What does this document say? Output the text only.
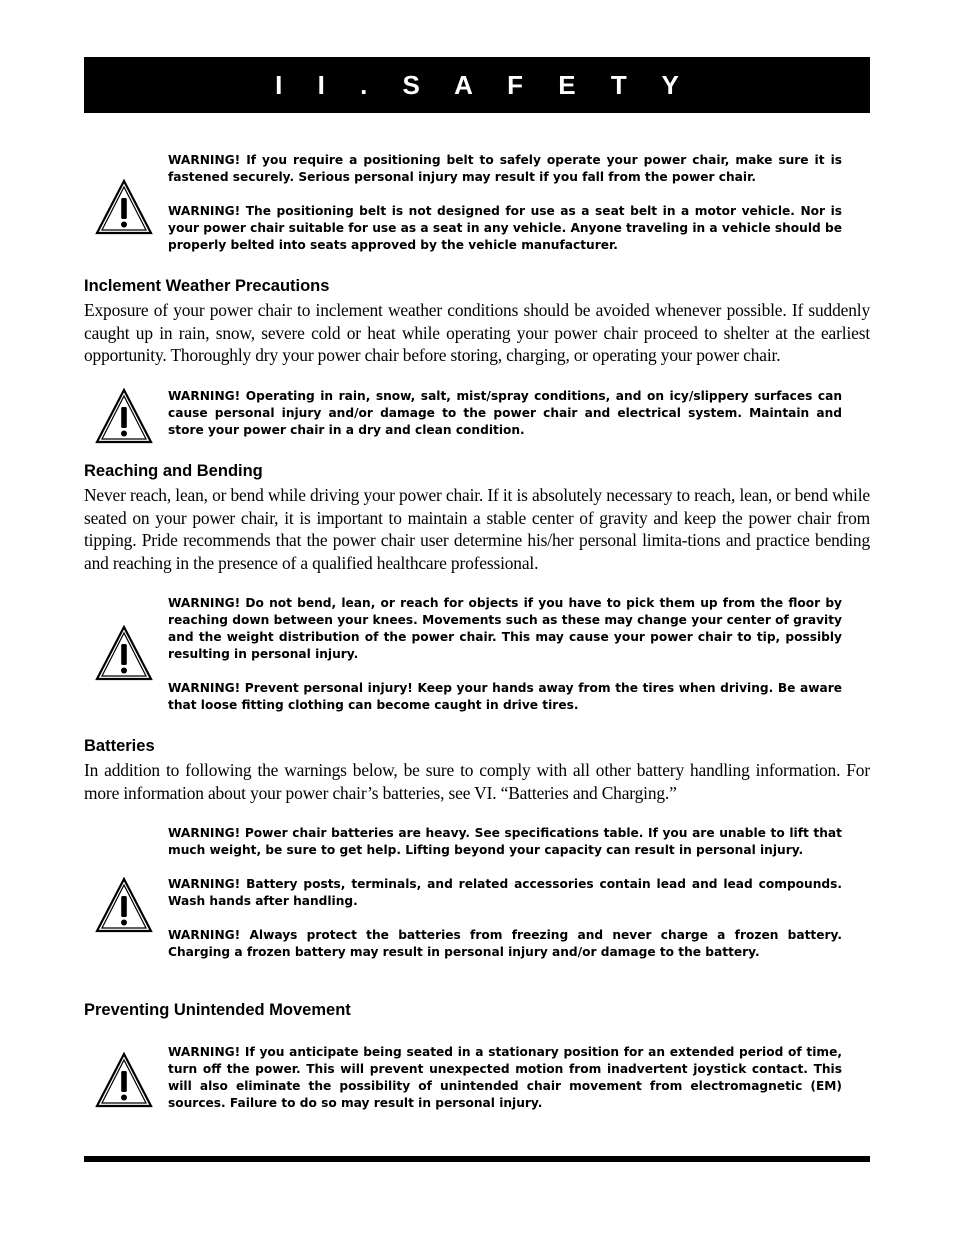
I I . S A F E T Y

WARNING! If you require a positioning belt to safely operate your power chair, make sure it is fastened securely. Serious personal injury may result if you fall from the power chair.

WARNING! The positioning belt is not designed for use as a seat belt in a motor vehicle. Nor is your power chair suitable for use as a seat in any vehicle. Anyone traveling in a vehicle should be properly belted into seats approved by the vehicle manufacturer.

Inclement Weather Precautions

Exposure of your power chair to inclement weather conditions should be avoided whenever possible. If suddenly caught up in rain, snow, severe cold or heat while operating your power chair proceed to shelter at the earliest opportunity. Thoroughly dry your power chair before storing, charging, or operating your power chair.

WARNING! Operating in rain, snow, salt, mist/spray conditions, and on icy/slippery surfaces can cause personal injury and/or damage to the power chair and electrical system. Maintain and store your power chair in a dry and clean condition.

Reaching and Bending

Never reach, lean, or bend while driving your power chair. If it is absolutely necessary to reach, lean, or bend while seated on your power chair, it is important to maintain a stable center of gravity and keep the power chair from tipping. Pride recommends that the power chair user determine his/her personal limita-tions and practice bending and reaching in the presence of a qualified healthcare professional.

WARNING! Do not bend, lean, or reach for objects if you have to pick them up from the floor by reaching down between your knees. Movements such as these may change your center of gravity and the weight distribution of the power chair. This may cause your power chair to tip, possibly resulting in personal injury.

WARNING! Prevent personal injury! Keep your hands away from the tires when driving. Be aware that loose fitting clothing can become caught in drive tires.

Batteries

In addition to following the warnings below, be sure to comply with all other battery handling information. For more information about your power chair’s batteries, see VI. “Batteries and Charging.”

WARNING! Power chair batteries are heavy. See specifications table. If you are unable to lift that much weight, be sure to get help. Lifting beyond your capacity can result in personal injury.

WARNING! Battery posts, terminals, and related accessories contain lead and lead compounds. Wash hands after handling.

WARNING! Always protect the batteries from freezing and never charge a frozen battery. Charging a frozen battery may result in personal injury and/or damage to the battery.

Preventing Unintended Movement

WARNING! If you anticipate being seated in a stationary position for an extended period of time, turn off the power. This will prevent unexpected motion from inadvertent joystick contact. This will also eliminate the possibility of unintended chair movement from electromagnetic (EM) sources. Failure to do so may result in personal injury.
